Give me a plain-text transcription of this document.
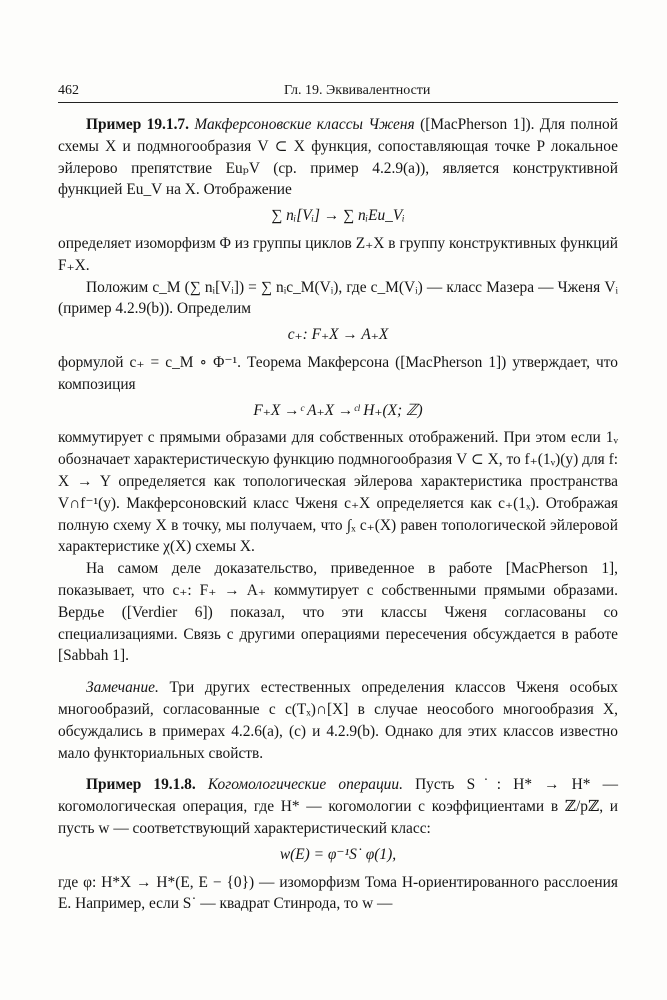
462	Гл. 19. Эквивалентности

Пример 19.1.7. Макферсоновские классы Чженя ([MacPherson 1]). Для полной схемы X и подмногообразия V ⊂ X функция, сопоставляющая точке P локальное эйлерово препятствие EuₚV (ср. пример 4.2.9(a)), является конструктивной функцией Eu_V на X. Отображение

∑ nᵢ[Vᵢ] → ∑ nᵢEu_Vᵢ

определяет изоморфизм Φ из группы циклов Z₊X в группу конструктивных функций F₊X.

Положим c_M (∑ nᵢ[Vᵢ]) = ∑ nᵢc_M(Vᵢ), где c_M(Vᵢ) — класс Мазера — Чженя Vᵢ (пример 4.2.9(b)). Определим

c₊: F₊X → A₊X

формулой c₊ = c_M ∘ Φ⁻¹. Теорема Макферсона ([MacPherson 1]) утверждает, что композиция

F₊X →ᶜ A₊X →ᶜˡ H₊(X; ℤ)

коммутирует с прямыми образами для собственных отображений. При этом если 1ᵥ обозначает характеристическую функцию подмногообразия V ⊂ X, то f₊(1ᵥ)(y) для f: X → Y определяется как топологическая эйлерова характеристика пространства V∩f⁻¹(y). Макферсоновский класс Чженя c₊X определяется как c₊(1ₓ). Отображая полную схему X в точку, мы получаем, что ∫ₓ c₊(X) равен топологической эйлеровой характеристике χ(X) схемы X.

На самом деле доказательство, приведенное в работе [MacPherson 1], показывает, что c₊: F₊ → A₊ коммутирует с собственными прямыми образами. Вердье ([Verdier 6]) показал, что эти классы Чженя согласованы со специализациями. Связь с другими операциями пересечения обсуждается в работе [Sabbah 1].

Замечание. Три других естественных определения классов Чженя особых многообразий, согласованные с c(Tₓ)∩[X] в случае неособого многообразия X, обсуждались в примерах 4.2.6(a), (c) и 4.2.9(b). Однако для этих классов известно мало функториальных свойств.

Пример 19.1.8. Когомологические операции. Пусть S˙: H* → H* — когомологическая операция, где H* — когомологии с коэффициентами в ℤ/pℤ, и пусть w — соответствующий характеристический класс:

w(E) = φ⁻¹S˙ φ(1),

где φ: H*X → H*(E, E − {0}) — изоморфизм Тома H-ориентированного расслоения E. Например, если S˙ — квадрат Стинрода, то w —
